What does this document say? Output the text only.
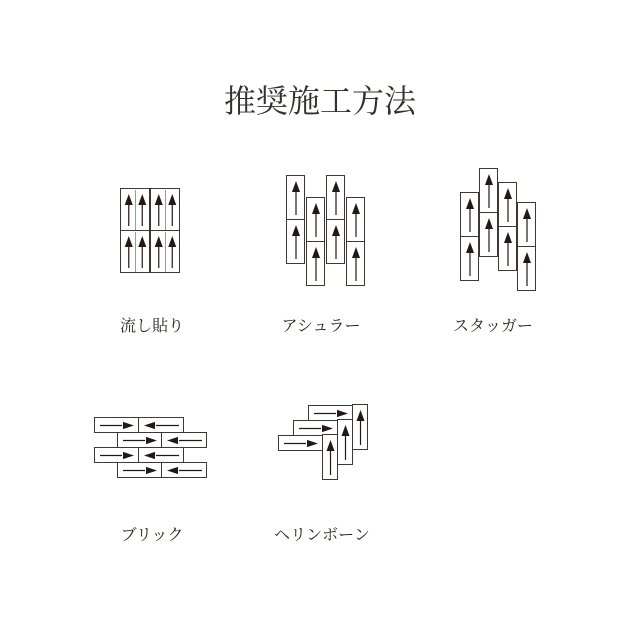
推奨施工方法
流し貼り	アシュラー	スタッガー
ブリック	ヘリンボーン
